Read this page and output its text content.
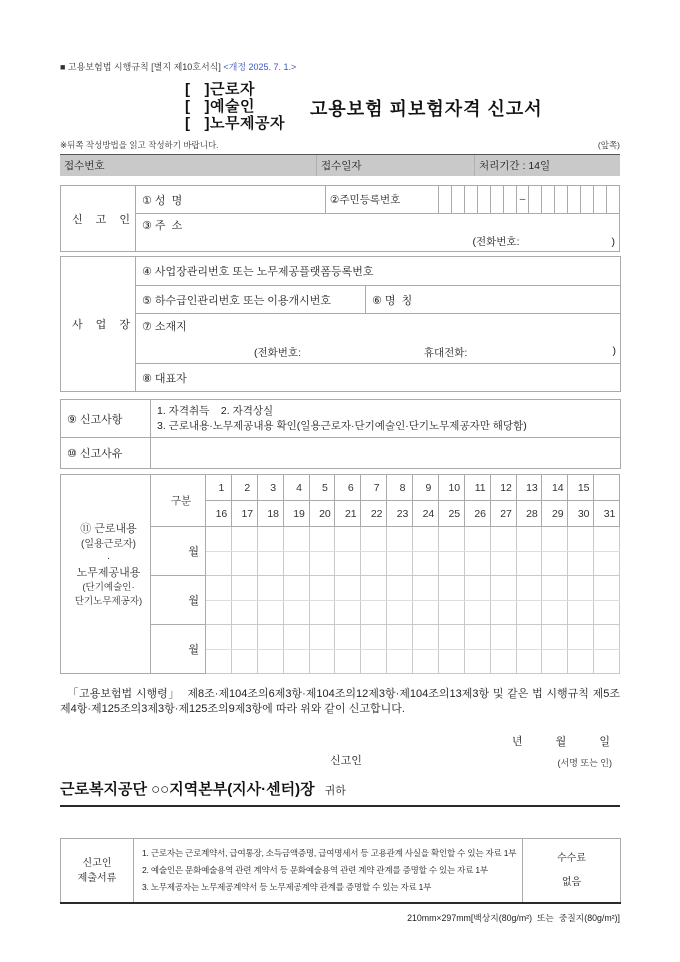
■ 고용보험법 시행규칙 [별지 제10호서식] <개정 2025. 7. 1.>
[   ]근로자
[   ]예술인
[   ]노무제공자
고용보험 피보험자격 신고서
※뒤쪽 작성방법을 읽고 작성하기 바랍니다.	(앞쪽)
접수번호	접수일자	처리기간 : 14일
신 고 인	① 성  명	②주민등록번호							–							

③ 주  소
(전화번호:	)
사 업 장	④ 사업장관리번호 또는 노무제공플랫폼등록번호	
	⑤ 하수급인관리번호 또는 이용개시번호	⑥ 명  칭
	⑦ 소재지
(전화번호: 휴대전화: )	

	⑧ 대표자	
⑨ 신고사항	1. 자격취득    2. 자격상실
3. 근로내용·노무제공내용 확인(일용근로자·단기예술인·단기노무제공자만 해당함)

⑩ 신고사유	
⑪ 근로내용
(일용근로자)
·
노무제공내용
(단기예술인·
단기노무제공자)
	구분	1	2	3	4	5	6	7	8	9	10	11	12	13	14	15	
		16	17	18	19	20	21	22	23	24	25	26	27	28	29	30	31
	월																

	월																

	월																

「고용보험법 시행령」  제8조·제104조의6제3항·제104조의12제3항·제104조의13제3항 및 같은 법 시행규칙 제5조제4항·제125조의3제3항·제125조의9제3항에 따라 위와 같이 신고합니다.
년	월	일
신고인	(서명 또는 인)
근로복지공단 ○○지역본부(지사·센터)장 귀하
신고인
제출서류

1. 근로자는 근로계약서, 급여통장, 소득금액증명, 급여명세서 등 고용관계 사실을 확인할 수 있는 자료 1부
2. 예술인은 문화예술용역 관련 계약서 등 문화예술용역 관련 계약 관계를 증명할 수 있는 자료 1부
3. 노무제공자는 노무제공계약서 등 노무제공계약 관계를 증명할 수 있는 자료 1부

수수료
없음
210mm×297mm[백상지(80g/m²)  또는  중질지(80g/m²)]
